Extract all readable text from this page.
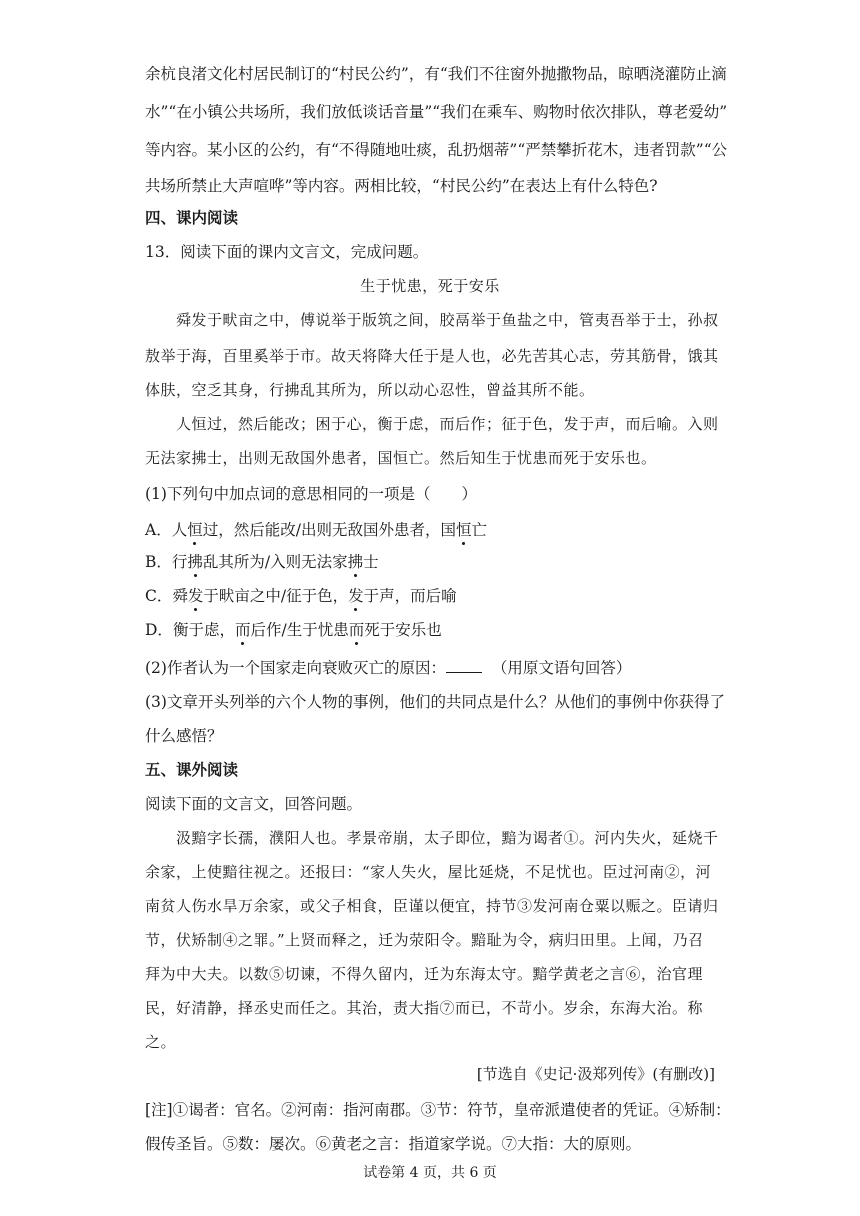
余杭良渚文化村居民制订的“村民公约”，有“我们不往窗外抛撒物品，晾晒浇灌防止滴
水”“在小镇公共场所，我们放低谈话音量”“我们在乘车、购物时依次排队，尊老爱幼”
等内容。某小区的公约，有“不得随地吐痰，乱扔烟蒂”“严禁攀折花木，违者罚款”“公
共场所禁止大声喧哗”等内容。两相比较，“村民公约”在表达上有什么特色?
四、课内阅读
13．阅读下面的课内文言文，完成问题。
生于忧患，死于安乐
舜发于畎亩之中，傅说举于版筑之间，胶鬲举于鱼盐之中，管夷吾举于士，孙叔
敖举于海，百里奚举于市。故天将降大任于是人也，必先苦其心志，劳其筋骨，饿其
体肤，空乏其身，行拂乱其所为，所以动心忍性，曾益其所不能。
人恒过，然后能改；困于心，衡于虑，而后作；征于色，发于声，而后喻。入则
无法家拂士，出则无敌国外患者，国恒亡。然后知生于忧患而死于安乐也。
(1)下列句中加点词的意思相同的一项是（　　）
A．人恒过，然后能改/出则无敌国外患者，国恒亡
B．行拂乱其所为/入则无法家拂士
C．舜发于畎亩之中/征于色，发于声，而后喻
D．衡于虑，而后作/生于忧患而死于安乐也
(2)作者认为一个国家走向衰败灭亡的原因：	（用原文语句回答）
(3)文章开头列举的六个人物的事例，他们的共同点是什么？从他们的事例中你获得了
什么感悟？
五、课外阅读
阅读下面的文言文，回答问题。
汲黯字长孺，濮阳人也。孝景帝崩，太子即位，黯为谒者①。河内失火，延烧千
余家，上使黯往视之。还报曰：“家人失火，屋比延烧，不足忧也。臣过河南②，河
南贫人伤水旱万余家，或父子相食，臣谨以便宜，持节③发河南仓粟以赈之。臣请归
节，伏矫制④之罪。”上贤而释之，迁为荥阳令。黯耻为令，病归田里。上闻，乃召
拜为中大夫。以数⑤切谏，不得久留内，迁为东海太守。黯学黄老之言⑥，治官理
民，好清静，择丞史而任之。其治，责大指⑦而已，不苛小。岁余，东海大治。称
之。
[节选自《史记·汲郑列传》(有删改)]
[注]①谒者：官名。②河南：指河南郡。③节：符节，皇帝派遣使者的凭证。④矫制：
假传圣旨。⑤数：屡次。⑥黄老之言：指道家学说。⑦大指：大的原则。
试卷第 4 页，共 6 页
